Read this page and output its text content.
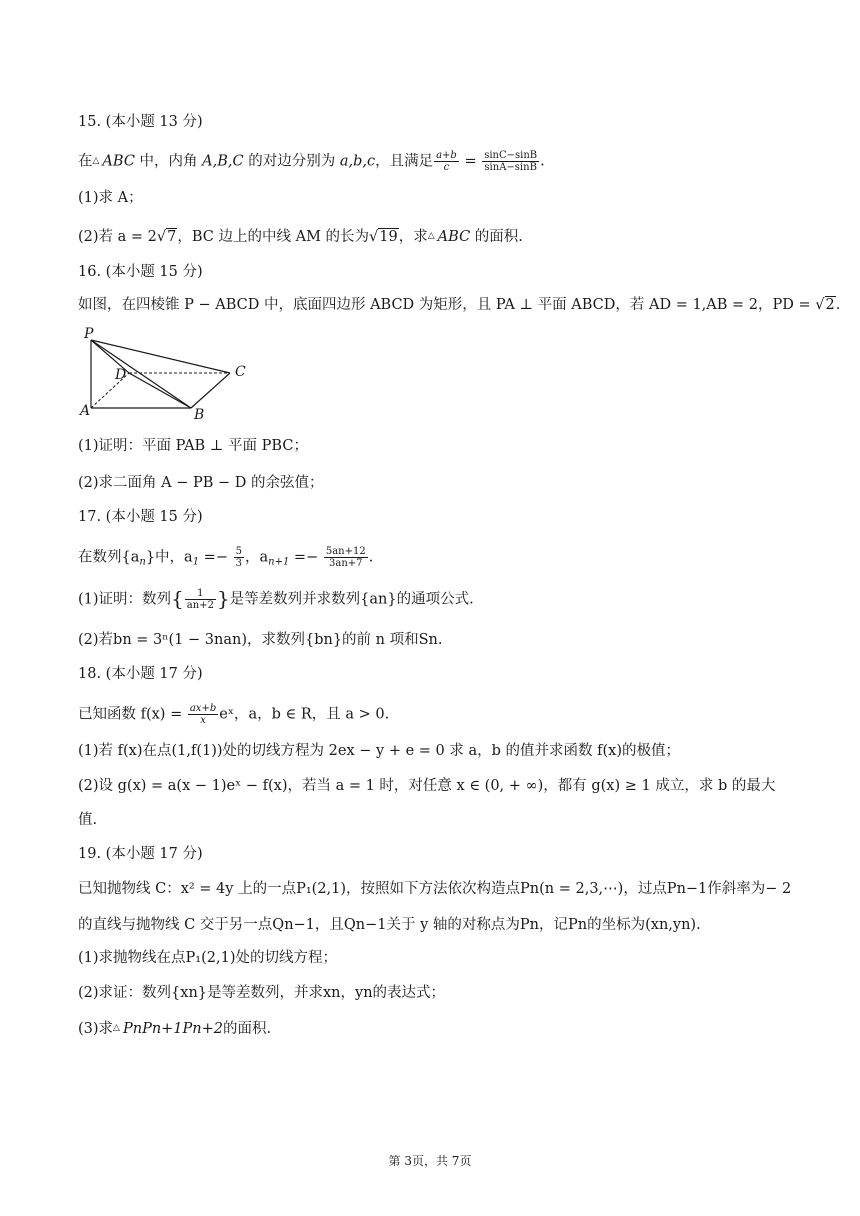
15. (本小题 13 分)
在△ ABC 中，内角 A,B,C 的对边分别为 a,b,c，且满足 $\frac{a+b}{c} = \frac{\sin C-\sin B}{\sin A-\sin B}$ .
(1)求 A；
(2)若 a = 2√7，BC 边上的中线 AM 的长为√19，求△ ABC 的面积.
16. (本小题 15 分)
如图，在四棱锥 P − ABCD 中，底面四边形 ABCD 为矩形，且 PA ⊥ 平面 ABCD，若 AD = 1,AB = 2，PD = √2.
P
D	C
A	B
(1)证明：平面 PAB ⊥ 平面 PBC；
(2)求二面角 A − PB − D 的余弦值；
17. (本小题 15 分)
在数列$\{a_n\}$中，$a_1 =- \frac{5}{3}$ ，$a_{n+1} =- \frac{5an+12}{3an+7}$ .
(1)证明：数列{ $\frac{1}{an+2}$ }是等差数列并求数列{an}的通项公式.
(2)若bn = 3ⁿ(1 − 3nan)，求数列{bn}的前 n 项和Sn.
18. (本小题 17 分)
已知函数 $f(x) = \frac{ax+b}{x}$ eˣ，a，b ∈ R，且 a > 0.
(1)若 f(x)在点(1,f(1))处的切线方程为 2ex − y + e = 0 求 a，b 的值并求函数 f(x)的极值；
(2)设 g(x) = a(x − 1)eˣ − f(x)，若当 a = 1 时，对任意 x ∈ (0, + ∞)，都有 g(x) ≥ 1 成立，求 b 的最大
值.
19. (本小题 17 分)
已知抛物线 C：x² = 4y 上的一点P₁(2,1)，按照如下方法依次构造点Pn(n = 2,3,⋯)，过点Pn−1作斜率为− 2
的直线与抛物线 C 交于另一点Qn−1，且Qn−1关于 y 轴的对称点为Pn，记Pn的坐标为(xn,yn).
(1)求抛物线在点P₁(2,1)处的切线方程；
(2)求证：数列{xn}是等差数列，并求xn，yn的表达式；
(3)求△ PnPn+1Pn+2的面积.
第 3页，共 7页
